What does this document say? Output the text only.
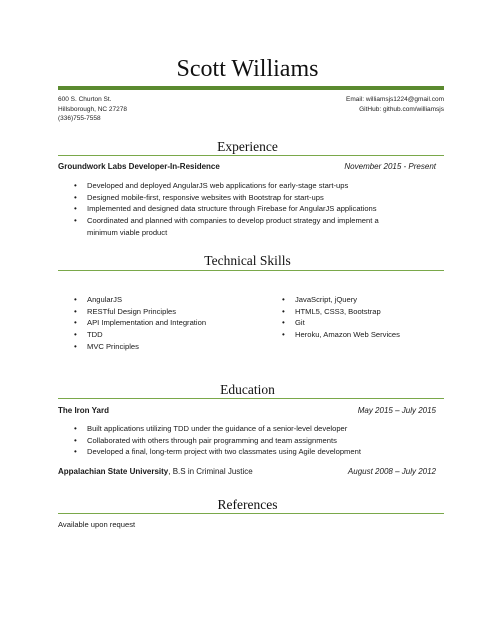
Scott Williams
600 S. Churton St.
Hillsborough, NC 27278
(336)755-7558
Email: williamsjs1224@gmail.com
GitHub: github.com/williamsjs
Experience
Groundwork Labs Developer-In-Residence	November 2015 - Present
• Developed and deployed AngularJS web applications for early-stage start-ups
• Designed mobile-first, responsive websites with Bootstrap for start-ups
• Implemented and designed data structure through Firebase for AngularJS applications
• Coordinated and planned with companies to develop product strategy and implement a
minimum viable product
Technical Skills
• AngularJS
• RESTful Design Principles
• API Implementation and Integration
• TDD
• MVC Principles
• JavaScript, jQuery
• HTML5, CSS3, Bootstrap
• Git
• Heroku, Amazon Web Services
Education
The Iron Yard	May 2015 – July 2015
• Built applications utilizing TDD under the guidance of a senior-level developer
• Collaborated with others through pair programming and team assignments
• Developed a final, long-term project with two classmates using Agile development
Appalachian State University, B.S in Criminal Justice	August 2008 – July 2012
References
Available upon request
